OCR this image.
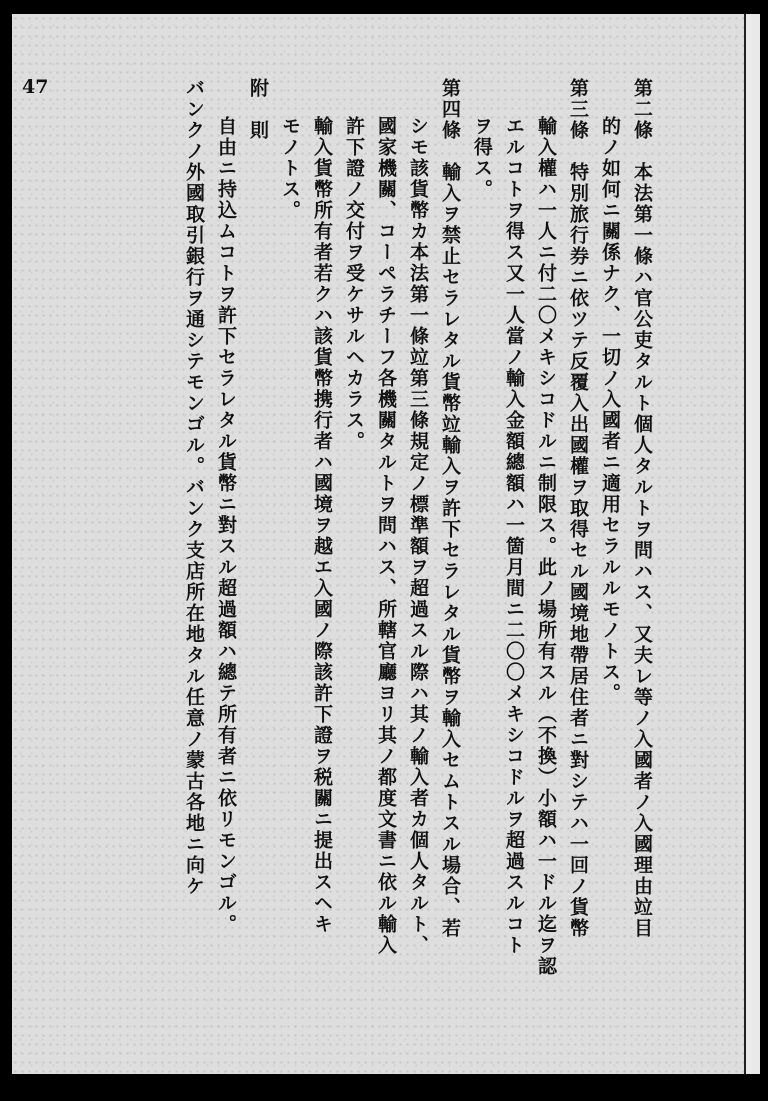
47	第二條　本法第一條ハ官公吏タルト個人タルトヲ問ハス、又夫レ等ノ入國者ノ入國理由竝目
的ノ如何ニ關係ナク、一切ノ入國者ニ適用セラルルモノトス。
第三條　特別旅行券ニ依ツテ反覆入出國權ヲ取得セル國境地帶居住者ニ對シテハ一回ノ貨幣
輸入權ハ一人ニ付二〇メキシコドルニ制限ス。此ノ場所有スル（不換）小額ハ一ドル迄ヲ認
エルコトヲ得ス又一人當ノ輸入金額總額ハ一箇月間ニ二〇〇メキシコドルヲ超過スルコト
ヲ得ス。
第四條　輸入ヲ禁止セラレタル貨幣竝輸入ヲ許下セラレタル貨幣ヲ輸入セムトスル場合、若
シモ該貨幣カ本法第一條竝第三條規定ノ標準額ヲ超過スル際ハ其ノ輸入者カ個人タルト、
國家機關、コーペラチーフ各機關タルトヲ問ハス、所轄官廳ヨリ其ノ都度文書ニ依ル輸入
許下證ノ交付ヲ受ケサルヘカラス。
輸入貨幣所有者若クハ該貨幣携行者ハ國境ヲ越エ入國ノ際該許下證ヲ税關ニ提出スヘキ
モノトス。
附　則
自由ニ持込ムコトヲ許下セラレタル貨幣ニ對スル超過額ハ總テ所有者ニ依リモンゴル。
バンクノ外國取引銀行ヲ通シテモンゴル。バンク支店所在地タル任意ノ蒙古各地ニ向ケ
